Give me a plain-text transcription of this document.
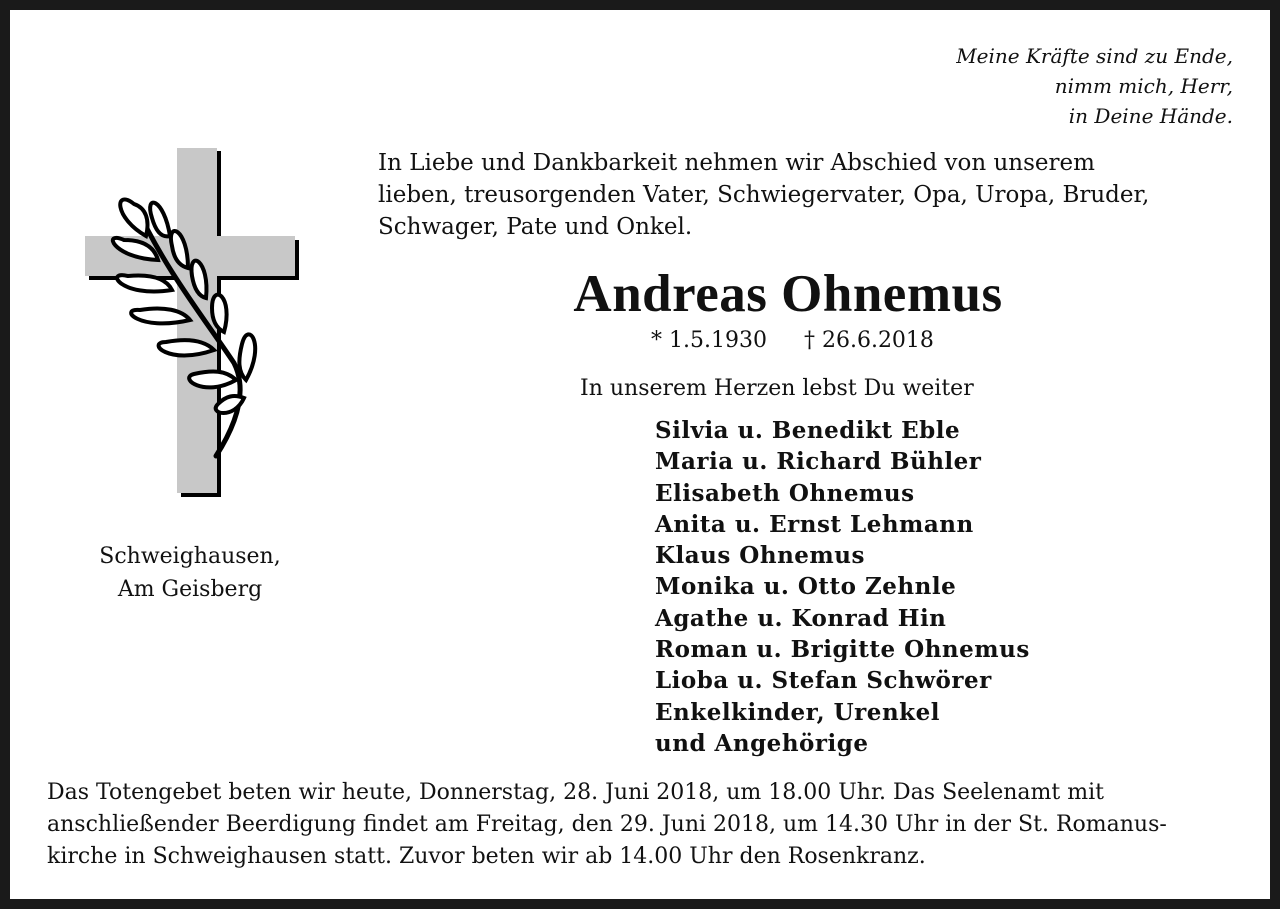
Meine Kräfte sind zu Ende,
nimm mich, Herr,
in Deine Hände.
Schweighausen,
Am Geisberg
In Liebe und Dankbarkeit nehmen wir Abschied von unserem
lieben, treusorgenden Vater, Schwiegervater, Opa, Uropa, Bruder,
Schwager, Pate und Onkel.
Andreas Ohnemus
* 1.5.1930 † 26.6.2018
In unserem Herzen lebst Du weiter
Silvia u. Benedikt Eble
Maria u. Richard Bühler
Elisabeth Ohnemus
Anita u. Ernst Lehmann
Klaus Ohnemus
Monika u. Otto Zehnle
Agathe u. Konrad Hin
Roman u. Brigitte Ohnemus
Lioba u. Stefan Schwörer
Enkelkinder, Urenkel
und Angehörige
Das Totengebet beten wir heute, Donnerstag, 28. Juni 2018, um 18.00 Uhr. Das Seelenamt mit
anschließender Beerdigung findet am Freitag, den 29. Juni 2018, um 14.30 Uhr in der St. Romanus-
kirche in Schweighausen statt. Zuvor beten wir ab 14.00 Uhr den Rosenkranz.
